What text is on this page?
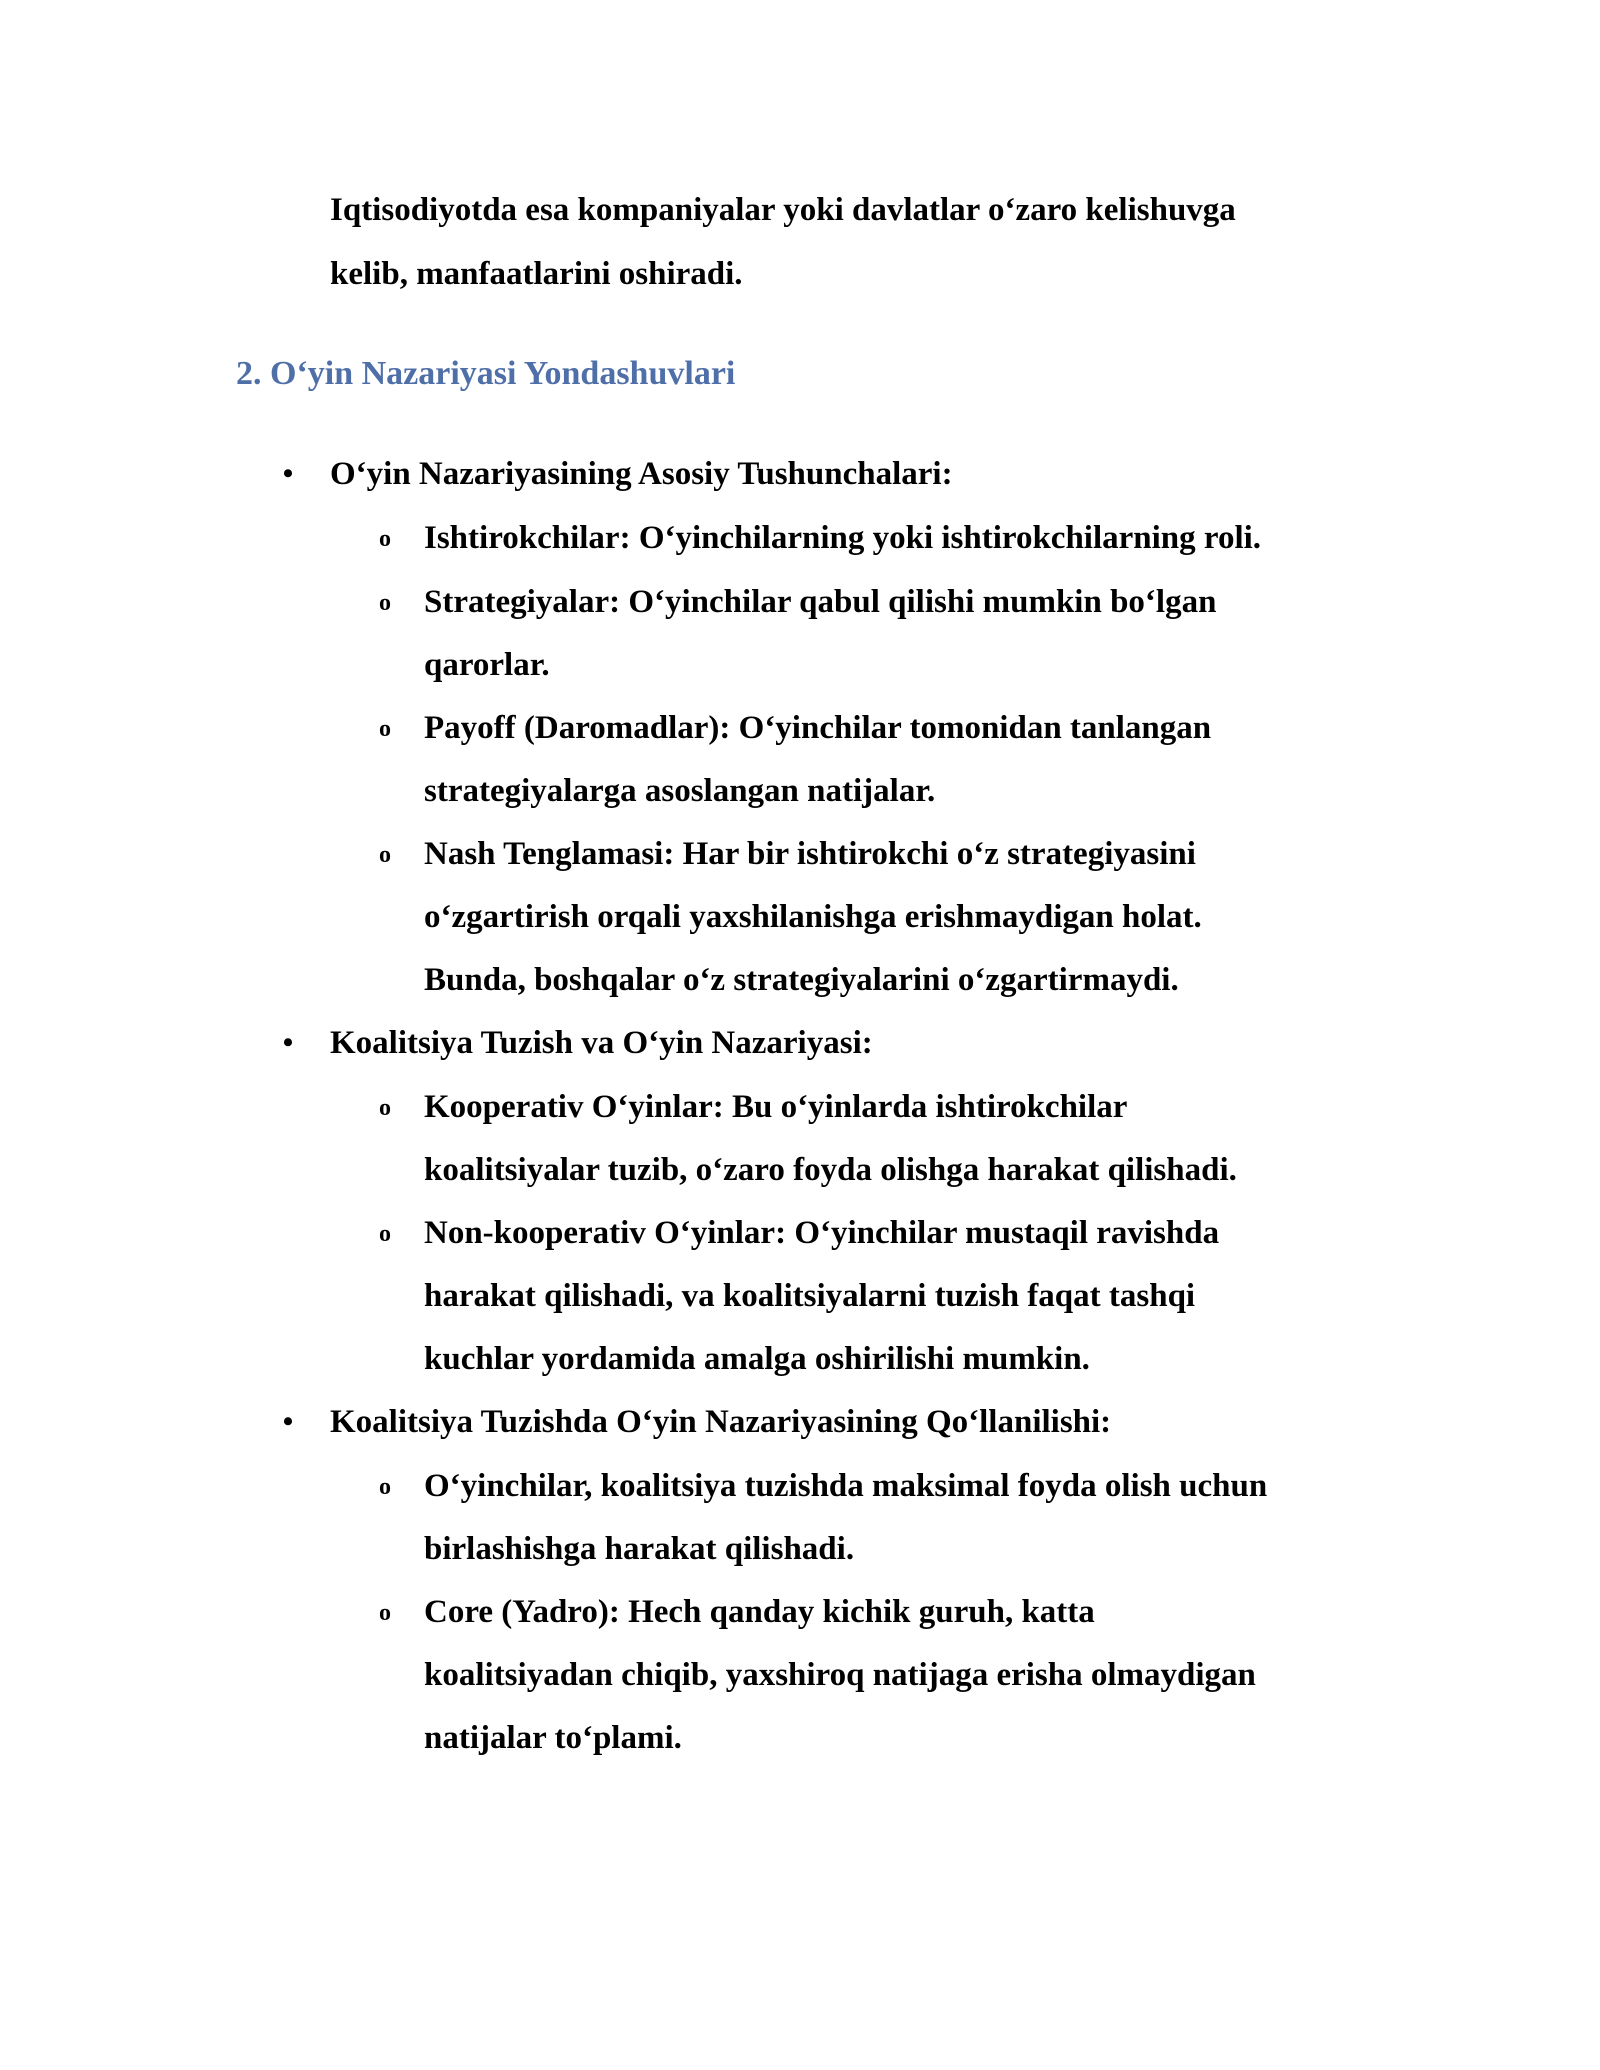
Iqtisodiyotda esa kompaniyalar yoki davlatlar o‘zaro kelishuvga
kelib, manfaatlarini oshiradi.
2. O‘yin Nazariyasi Yondashuvlari
• O‘yin Nazariyasining Asosiy Tushunchalari:
o Ishtirokchilar: O‘yinchilarning yoki ishtirokchilarning roli.
o Strategiyalar: O‘yinchilar qabul qilishi mumkin bo‘lgan
qarorlar.
o Payoff (Daromadlar): O‘yinchilar tomonidan tanlangan
strategiyalarga asoslangan natijalar.
o Nash Tenglamasi: Har bir ishtirokchi o‘z strategiyasini
o‘zgartirish orqali yaxshilanishga erishmaydigan holat.
Bunda, boshqalar o‘z strategiyalarini o‘zgartirmaydi.
• Koalitsiya Tuzish va O‘yin Nazariyasi:
o Kooperativ O‘yinlar: Bu o‘yinlarda ishtirokchilar
koalitsiyalar tuzib, o‘zaro foyda olishga harakat qilishadi.
o Non-kooperativ O‘yinlar: O‘yinchilar mustaqil ravishda
harakat qilishadi, va koalitsiyalarni tuzish faqat tashqi
kuchlar yordamida amalga oshirilishi mumkin.
• Koalitsiya Tuzishda O‘yin Nazariyasining Qo‘llanilishi:
o O‘yinchilar, koalitsiya tuzishda maksimal foyda olish uchun
birlashishga harakat qilishadi.
o Core (Yadro): Hech qanday kichik guruh, katta
koalitsiyadan chiqib, yaxshiroq natijaga erisha olmaydigan
natijalar to‘plami.
